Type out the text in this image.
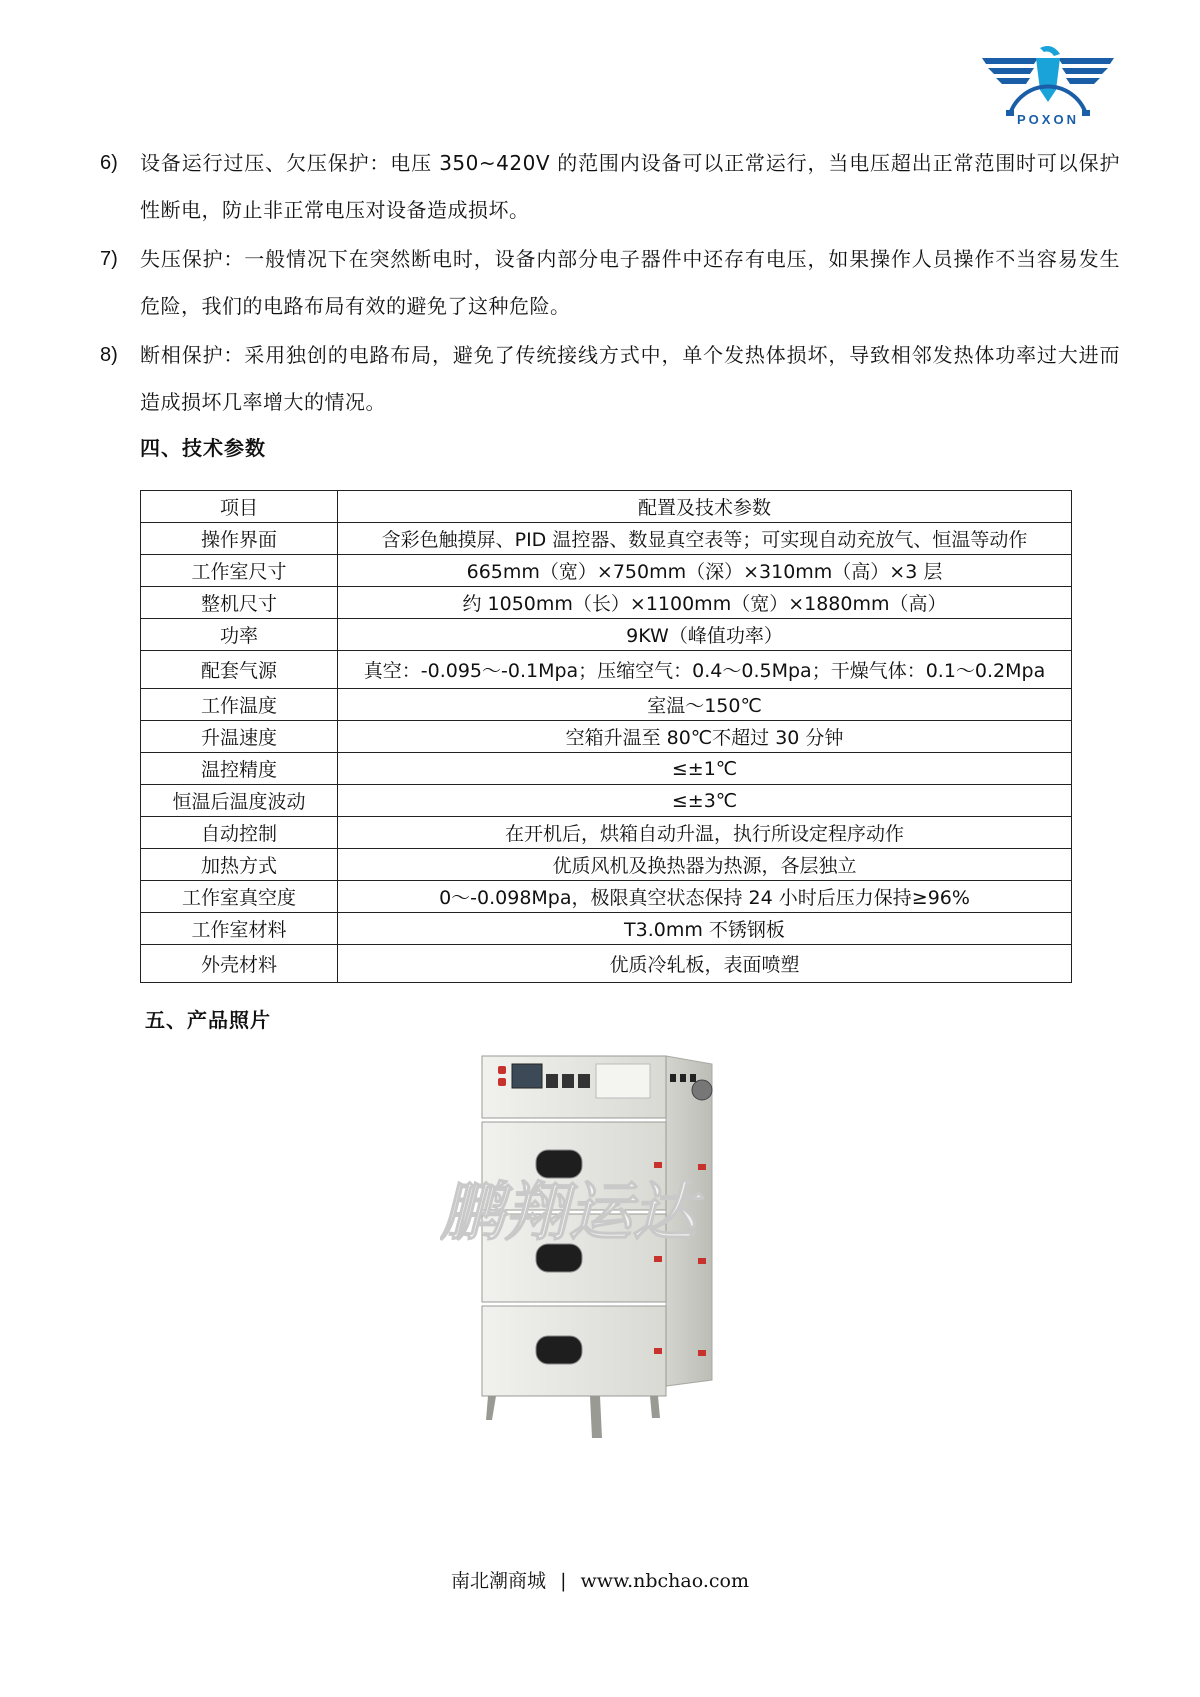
POXON
6)	设备运行过压、欠压保护：电压 350~420V 的范围内设备可以正常运行，当电压超出正常范围时可以保护性断电，防止非正常电压对设备造成损坏。
7)	失压保护：一般情况下在突然断电时，设备内部分电子器件中还存有电压，如果操作人员操作不当容易发生危险，我们的电路布局有效的避免了这种危险。
8)	断相保护：采用独创的电路布局，避免了传统接线方式中，单个发热体损坏，导致相邻发热体功率过大进而造成损坏几率增大的情况。
四、技术参数
项目	配置及技术参数
操作界面	含彩色触摸屏、PID 温控器、数显真空表等；可实现自动充放气、恒温等动作
工作室尺寸	665mm（宽）×750mm（深）×310mm（高）×3 层
整机尺寸	约 1050mm（长）×1100mm（宽）×1880mm（高）
功率	9KW（峰值功率）
配套气源	真空：-0.095～-0.1Mpa；压缩空气：0.4～0.5Mpa；干燥气体：0.1～0.2Mpa
工作温度	室温～150℃
升温速度	空箱升温至 80℃不超过 30 分钟
温控精度	≤±1℃
恒温后温度波动	≤±3℃
自动控制	在开机后，烘箱自动升温，执行所设定程序动作
加热方式	优质风机及换热器为热源，各层独立
工作室真空度	0～-0.098Mpa，极限真空状态保持 24 小时后压力保持≥96%
工作室材料	T3.0mm 不锈钢板
外壳材料	优质冷轧板，表面喷塑
五、产品照片
鹏翔运达
南北潮商城 | www.nbchao.com
